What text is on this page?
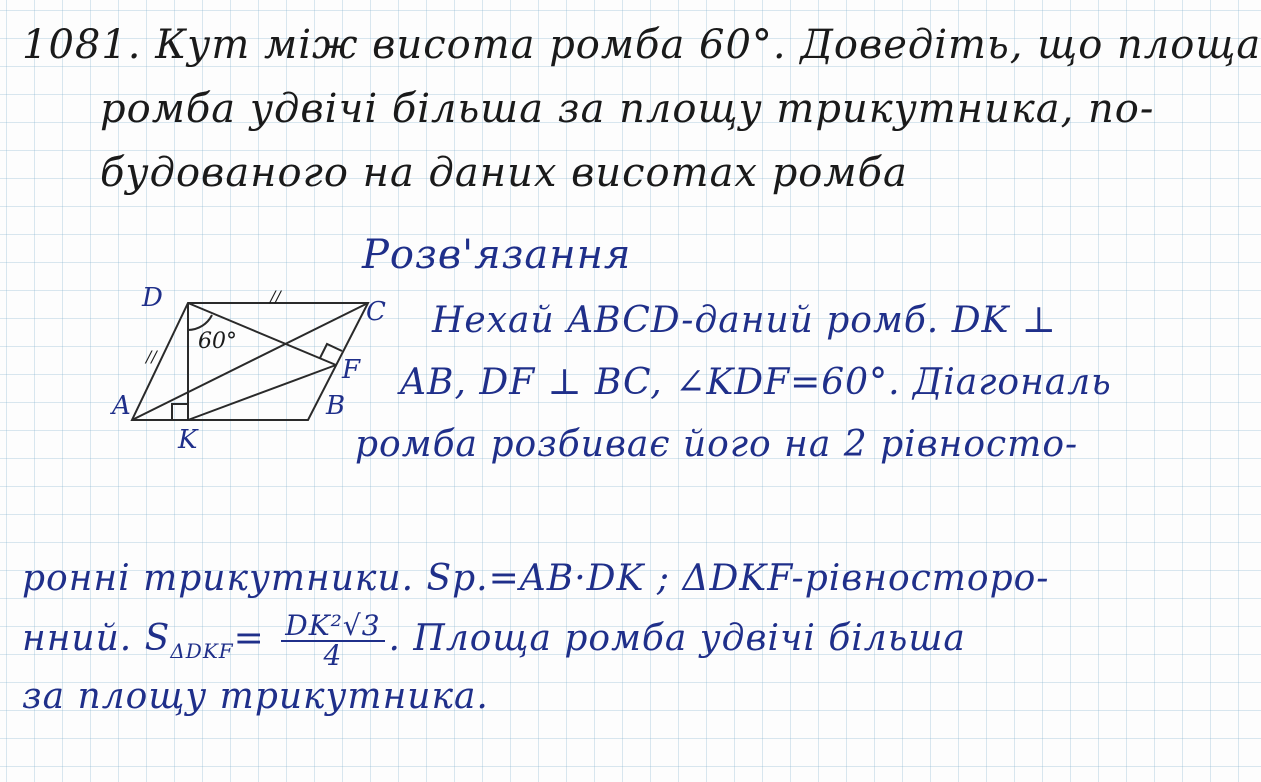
1081. Кут між висота ромба 60°. Доведіть, що площа

ромба удвічі більша за площу трикутника, по-

будованого на даних висотах ромба

Розв'язання

Нехай ABCD-даний ромб. DK ⊥

AB, DF ⊥ BC, ∠KDF=60°. Діагональ

ромба розбиває його на 2 рівносто-

ронні трикутники. Sр.=AB·DK ; ΔDKF-рівносторо-

нний. $S_{\Delta DKF}= \frac{\text{DK²√3}}{4}$ . Площа ромба удвічі більша

за площу трикутника.

D	C
A	B
K
F
60°
//
//
